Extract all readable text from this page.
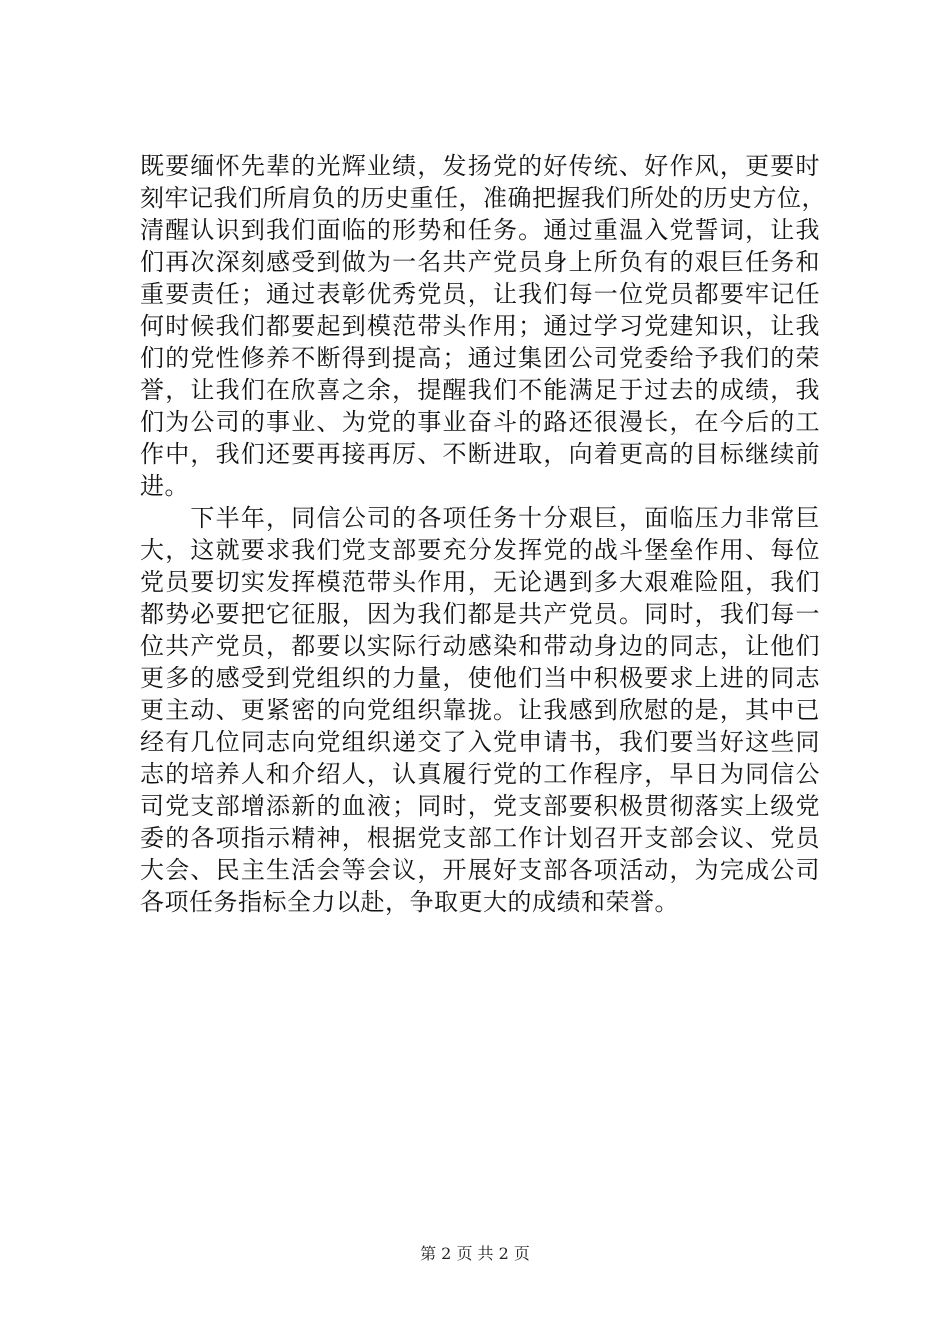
既要缅怀先辈的光辉业绩，发扬党的好传统、好作风，更要时
刻牢记我们所肩负的历史重任，准确把握我们所处的历史方位，
清醒认识到我们面临的形势和任务。通过重温入党誓词，让我
们再次深刻感受到做为一名共产党员身上所负有的艰巨任务和
重要责任；通过表彰优秀党员，让我们每一位党员都要牢记任
何时候我们都要起到模范带头作用；通过学习党建知识，让我
们的党性修养不断得到提高；通过集团公司党委给予我们的荣
誉，让我们在欣喜之余，提醒我们不能满足于过去的成绩，我
们为公司的事业、为党的事业奋斗的路还很漫长，在今后的工
作中，我们还要再接再厉、不断进取，向着更高的目标继续前
进。
　　下半年，同信公司的各项任务十分艰巨，面临压力非常巨
大，这就要求我们党支部要充分发挥党的战斗堡垒作用、每位
党员要切实发挥模范带头作用，无论遇到多大艰难险阻，我们
都势必要把它征服，因为我们都是共产党员。同时，我们每一
位共产党员，都要以实际行动感染和带动身边的同志，让他们
更多的感受到党组织的力量，使他们当中积极要求上进的同志
更主动、更紧密的向党组织靠拢。让我感到欣慰的是，其中已
经有几位同志向党组织递交了入党申请书，我们要当好这些同
志的培养人和介绍人，认真履行党的工作程序，早日为同信公
司党支部增添新的血液；同时，党支部要积极贯彻落实上级党
委的各项指示精神，根据党支部工作计划召开支部会议、党员
大会、民主生活会等会议，开展好支部各项活动，为完成公司
各项任务指标全力以赴，争取更大的成绩和荣誉。
第 2 页 共 2 页
